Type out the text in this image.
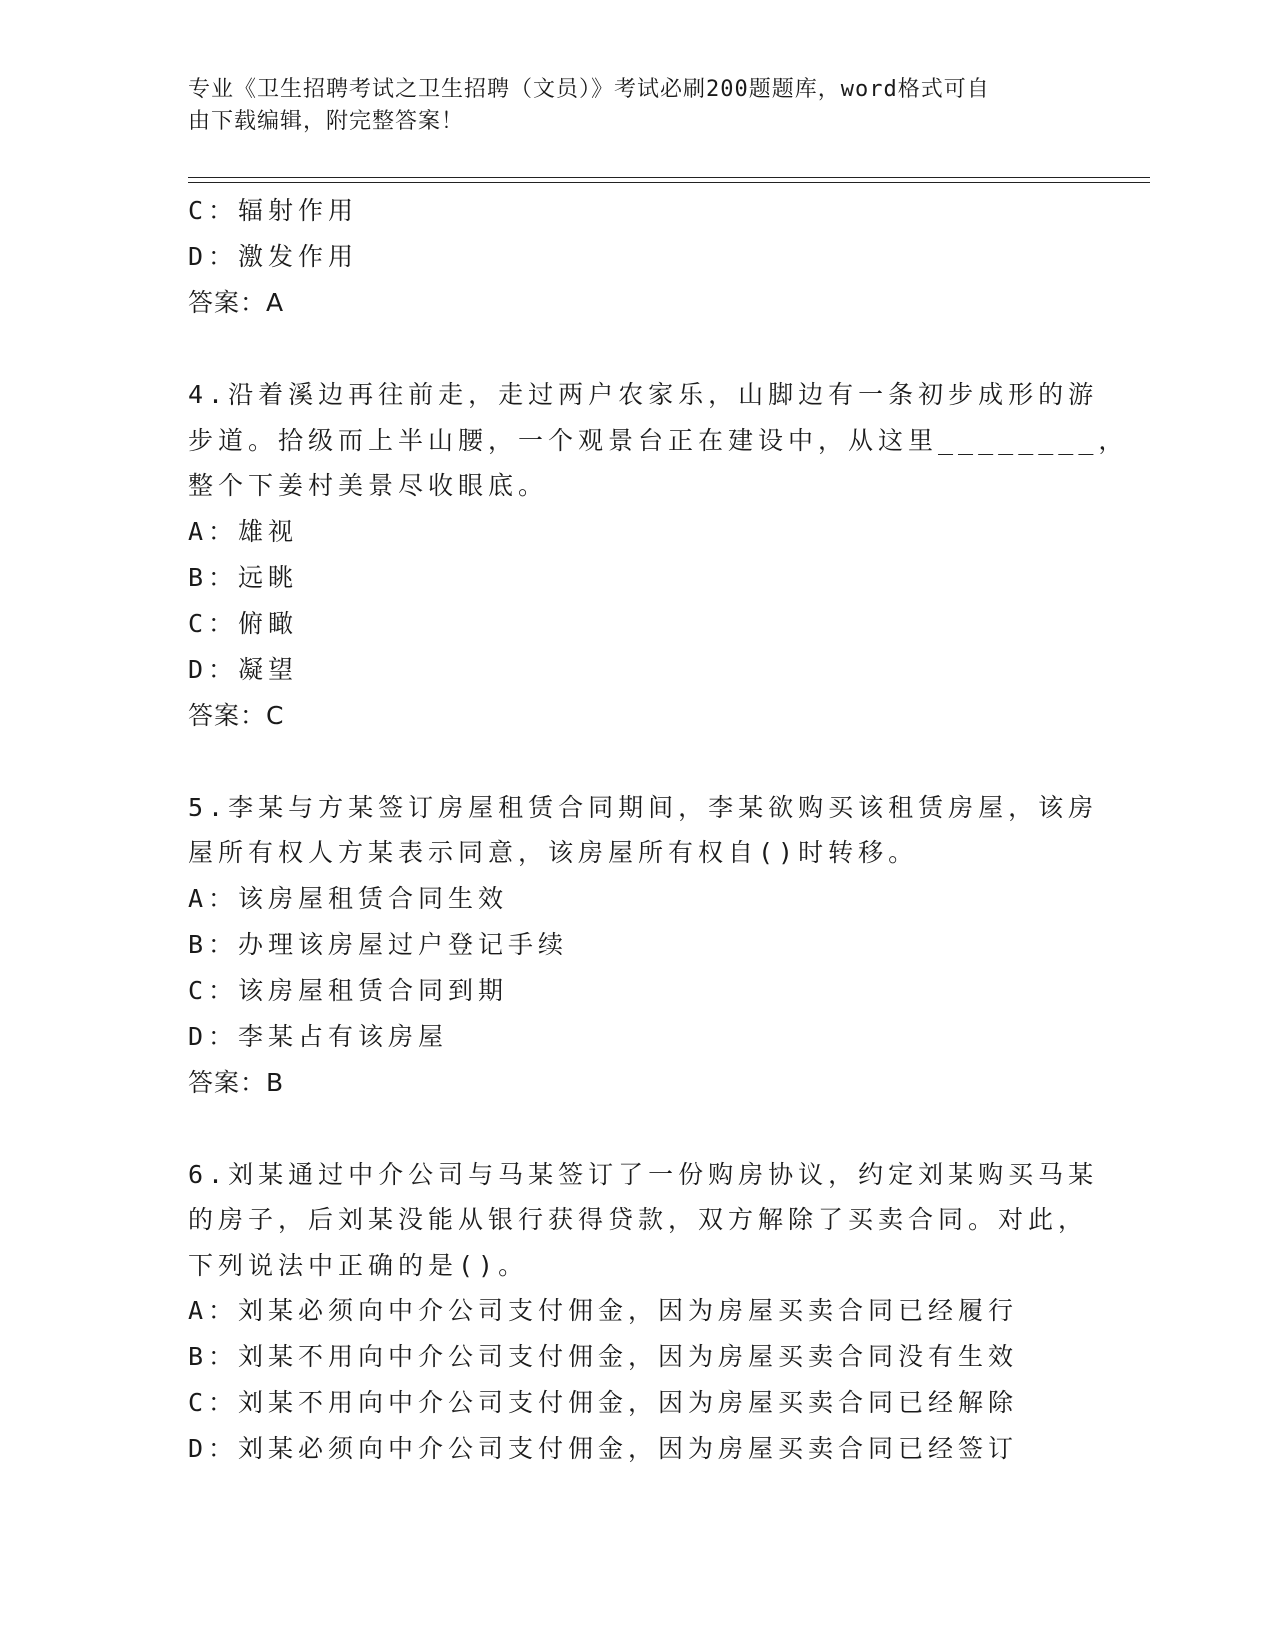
专业《卫生招聘考试之卫生招聘（文员）》考试必刷200题题库，word格式可自
由下载编辑，附完整答案！
C：辐射作用
D：激发作用
答案：A
4.沿着溪边再往前走，走过两户农家乐，山脚边有一条初步成形的游
步道。拾级而上半山腰，一个观景台正在建设中，从这里________，
整个下姜村美景尽收眼底。
A：雄视
B：远眺
C：俯瞰
D：凝望
答案：C
5.李某与方某签订房屋租赁合同期间，李某欲购买该租赁房屋，该房
屋所有权人方某表示同意，该房屋所有权自()时转移。
A：该房屋租赁合同生效
B：办理该房屋过户登记手续
C：该房屋租赁合同到期
D：李某占有该房屋
答案：B
6.刘某通过中介公司与马某签订了一份购房协议，约定刘某购买马某
的房子，后刘某没能从银行获得贷款，双方解除了买卖合同。对此，
下列说法中正确的是()。
A：刘某必须向中介公司支付佣金，因为房屋买卖合同已经履行
B：刘某不用向中介公司支付佣金，因为房屋买卖合同没有生效
C：刘某不用向中介公司支付佣金，因为房屋买卖合同已经解除
D：刘某必须向中介公司支付佣金，因为房屋买卖合同已经签订
